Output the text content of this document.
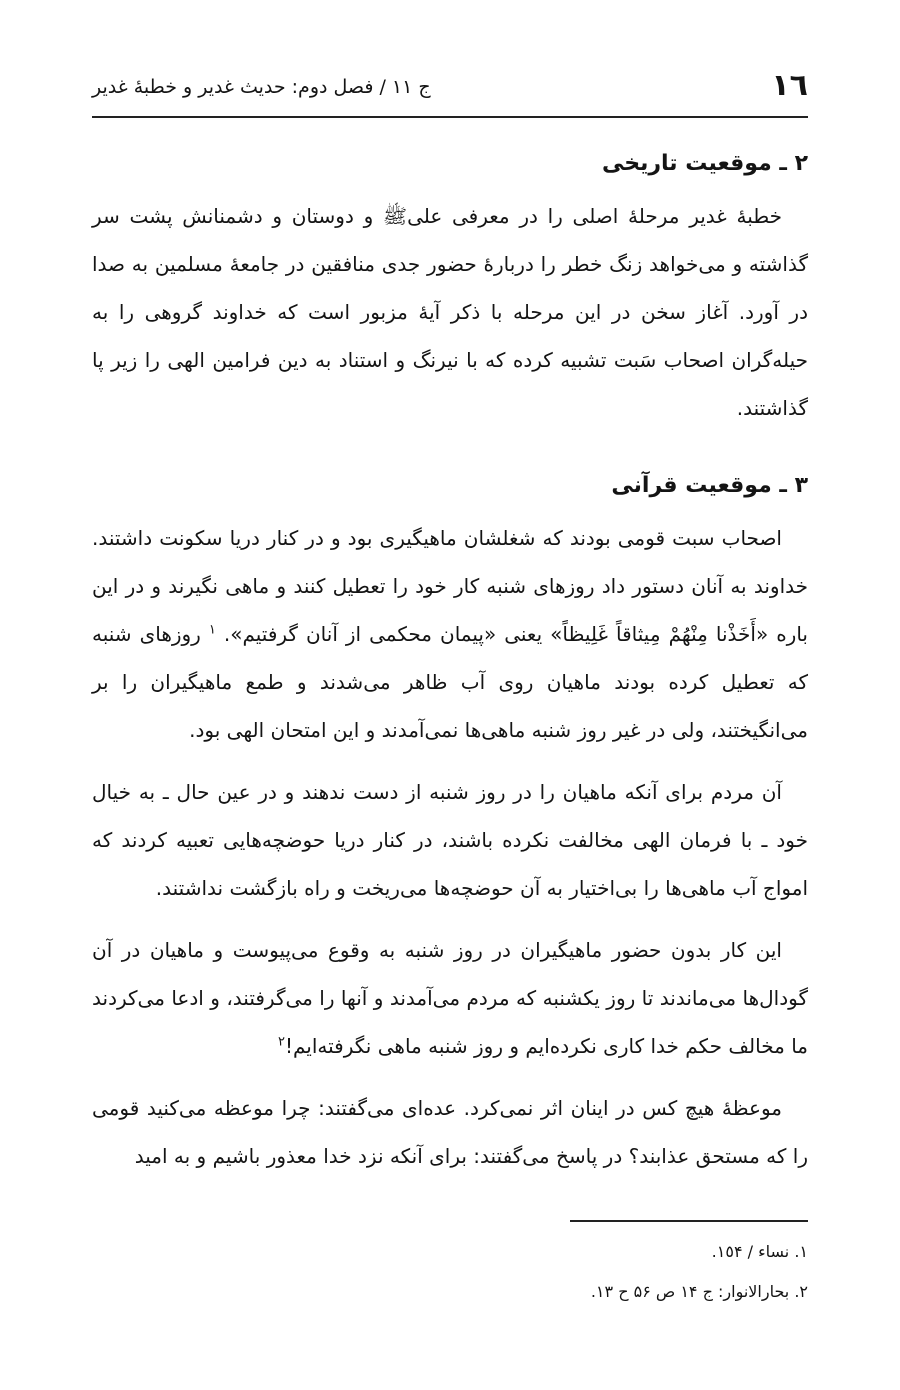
١٦
ج ۱۱ / فصل دوم: حدیث غدیر و خطبهٔ غدیر
۲ ـ موقعیت تاریخی

خطبهٔ غدیر مرحلهٔ اصلی را در معرفی علیﷺ و دوستان و دشمنانش پشت سر گذاشته و می‌خواهد زنگ خطر را دربارهٔ حضور جدی منافقین در جامعهٔ مسلمین به صدا در آورد. آغاز سخن در این مرحله با ذکر آیهٔ مزبور است که خداوند گروهی را به حیله‌گران اصحاب سَبت تشبیه کرده که با نیرنگ و استناد به دین فرامین الهی را زیر پا گذاشتند.

۳ ـ موقعیت قرآنی

اصحاب سبت قومی بودند که شغلشان ماهیگیری بود و در کنار دریا سکونت داشتند. خداوند به آنان دستور داد روزهای شنبه کار خود را تعطیل کنند و ماهی نگیرند و در این باره «أَخَذْنا مِنْهُمْ مِیثاقاً غَلِیظاً» یعنی «پیمان محکمی از آنان گرفتیم». $^١$ روزهای شنبه که تعطیل کرده بودند ماهیان روی آب ظاهر می‌شدند و طمع ماهیگیران را بر می‌انگیختند، ولی در غیر روز شنبه ماهی‌ها نمی‌آمدند و این امتحان الهی بود.

آن مردم برای آنکه ماهیان را در روز شنبه از دست ندهند و در عین حال ـ به خیال خود ـ با فرمان الهی مخالفت نکرده باشند، در کنار دریا حوضچه‌هایی تعبیه کردند که امواج آب ماهی‌ها را بی‌اختیار به آن حوضچه‌ها می‌ریخت و راه بازگشت نداشتند.

این کار بدون حضور ماهیگیران در روز شنبه به وقوع می‌پیوست و ماهیان در آن گودال‌ها می‌ماندند تا روز یکشنبه که مردم می‌آمدند و آنها را می‌گرفتند، و ادعا می‌کردند ما مخالف حکم خدا کاری نکرده‌ایم و روز شنبه ماهی نگرفته‌ایم!$^٢$

موعظهٔ هیچ کس در اینان اثر نمی‌کرد. عده‌ای می‌گفتند: چرا موعظه می‌کنید قومی را که مستحق عذابند؟ در پاسخ می‌گفتند: برای آنکه نزد خدا معذور باشیم و به امید

١. نساء / ١٥۴.

٢. بحارالانوار: ج ١۴ ص ۵۶ ح ١٣.
